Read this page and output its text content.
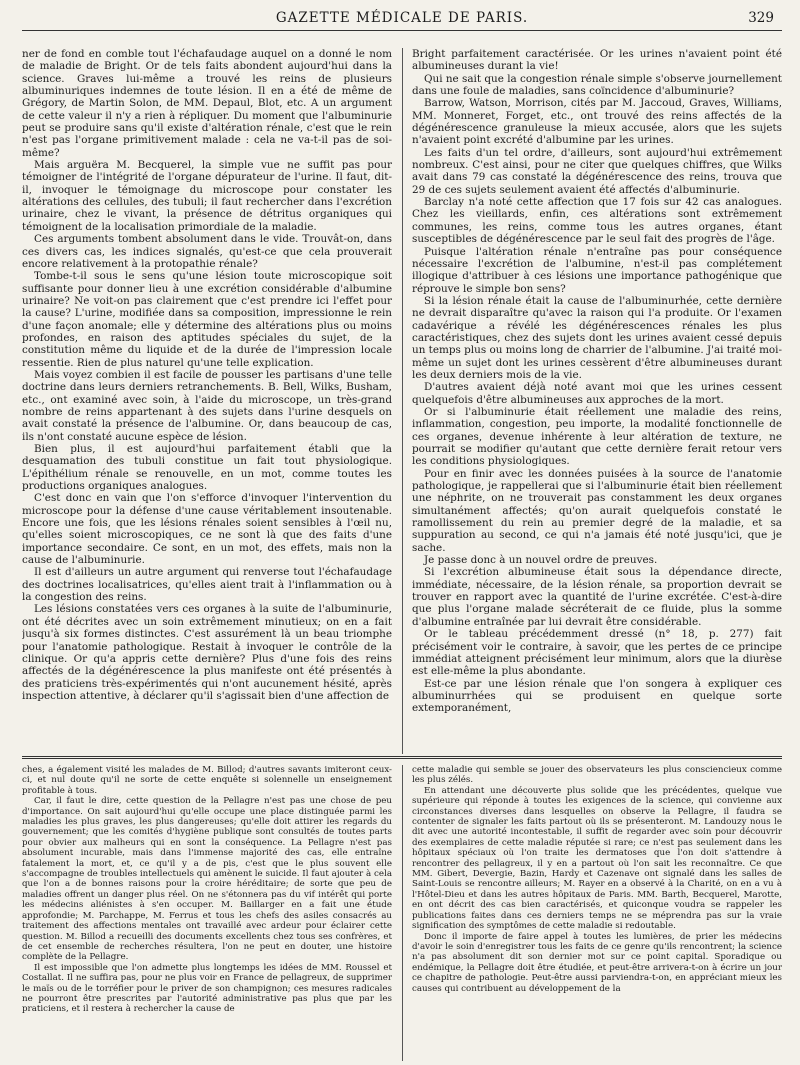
GAZETTE MÉDICALE DE PARIS.	329

ner de fond en comble tout l'échafaudage auquel on a donné le nom de maladie de Bright. Or de tels faits abondent aujourd'hui dans la science. Graves lui-même a trouvé les reins de plusieurs albuminuriques indemnes de toute lésion. Il en a été de même de Grégory, de Martin Solon, de MM. Depaul, Blot, etc. A un argument de cette valeur il n'y a rien à répliquer. Du moment que l'albuminurie peut se produire sans qu'il existe d'altération rénale, c'est que le rein n'est pas l'organe primitivement malade : cela ne va-t-il pas de soi-même?

Mais arguëra M. Becquerel, la simple vue ne suffit pas pour témoigner de l'intégrité de l'organe dépurateur de l'urine. Il faut, dit-il, invoquer le témoignage du microscope pour constater les altérations des cellules, des tubuli; il faut rechercher dans l'excrétion urinaire, chez le vivant, la présence de détritus organiques qui témoignent de la localisation primordiale de la maladie.

Ces arguments tombent absolument dans le vide. Trouvât-on, dans ces divers cas, les indices signalés, qu'est-ce que cela prouverait encore relativement à la protopathie rénale?

Tombe-t-il sous le sens qu'une lésion toute microscopique soit suffisante pour donner lieu à une excrétion considérable d'albumine urinaire? Ne voit-on pas clairement que c'est prendre ici l'effet pour la cause? L'urine, modifiée dans sa composition, impressionne le rein d'une façon anomale; elle y détermine des altérations plus ou moins profondes, en raison des aptitudes spéciales du sujet, de la constitution même du liquide et de la durée de l'impression locale ressentie. Rien de plus naturel qu'une telle explication.

Mais voyez combien il est facile de pousser les partisans d'une telle doctrine dans leurs derniers retranchements. B. Bell, Wilks, Busham, etc., ont examiné avec soin, à l'aide du microscope, un très-grand nombre de reins appartenant à des sujets dans l'urine desquels on avait constaté la présence de l'albumine. Or, dans beaucoup de cas, ils n'ont constaté aucune espèce de lésion.

Bien plus, il est aujourd'hui parfaitement établi que la desquamation des tubuli constitue un fait tout physiologique. L'épithélium rénale se renouvelle, en un mot, comme toutes les productions organiques analogues.

C'est donc en vain que l'on s'efforce d'invoquer l'intervention du microscope pour la défense d'une cause véritablement insoutenable. Encore une fois, que les lésions rénales soient sensibles à l'œil nu, qu'elles soient microscopiques, ce ne sont là que des faits d'une importance secondaire. Ce sont, en un mot, des effets, mais non la cause de l'albuminurie.

Il est d'ailleurs un autre argument qui renverse tout l'échafaudage des doctrines localisatrices, qu'elles aient trait à l'inflammation ou à la congestion des reins.

Les lésions constatées vers ces organes à la suite de l'albuminurie, ont été décrites avec un soin extrêmement minutieux; on en a fait jusqu'à six formes distinctes. C'est assurément là un beau triomphe pour l'anatomie pathologique. Restait à invoquer le contrôle de la clinique. Or qu'a appris cette dernière? Plus d'une fois des reins affectés de la dégénérescence la plus manifeste ont été présentés à des praticiens très-expérimentés qui n'ont aucunement hésité, après inspection attentive, à déclarer qu'il s'agissait bien d'une affection de

Bright parfaitement caractérisée. Or les urines n'avaient point été albumineuses durant la vie!

Qui ne sait que la congestion rénale simple s'observe journellement dans une foule de maladies, sans coïncidence d'albuminurie?

Barrow, Watson, Morrison, cités par M. Jaccoud, Graves, Williams, MM. Monneret, Forget, etc., ont trouvé des reins affectés de la dégénérescence granuleuse la mieux accusée, alors que les sujets n'avaient point excrété d'albumine par les urines.

Les faits d'un tel ordre, d'ailleurs, sont aujourd'hui extrêmement nombreux. C'est ainsi, pour ne citer que quelques chiffres, que Wilks avait dans 79 cas constaté la dégénérescence des reins, trouva que 29 de ces sujets seulement avaient été affectés d'albuminurie.

Barclay n'a noté cette affection que 17 fois sur 42 cas analogues. Chez les vieillards, enfin, ces altérations sont extrêmement communes, les reins, comme tous les autres organes, étant susceptibles de dégénérescence par le seul fait des progrès de l'âge.

Puisque l'altération rénale n'entraîne pas pour conséquence nécessaire l'excrétion de l'albumine, n'est-il pas complétement illogique d'attribuer à ces lésions une importance pathogénique que réprouve le simple bon sens?

Si la lésion rénale était la cause de l'albuminurhée, cette dernière ne devrait disparaître qu'avec la raison qui l'a produite. Or l'examen cadavérique a révélé les dégénérescences rénales les plus caractéristiques, chez des sujets dont les urines avaient cessé depuis un temps plus ou moins long de charrier de l'albumine. J'ai traité moi-même un sujet dont les urines cessèrent d'être albumineuses durant les deux derniers mois de la vie.

D'autres avaient déjà noté avant moi que les urines cessent quelquefois d'être albumineuses aux approches de la mort.

Or si l'albuminurie était réellement une maladie des reins, inflammation, congestion, peu importe, la modalité fonctionnelle de ces organes, devenue inhérente à leur altération de texture, ne pourrait se modifier qu'autant que cette dernière ferait retour vers les conditions physiologiques.

Pour en finir avec les données puisées à la source de l'anatomie pathologique, je rappellerai que si l'albuminurie était bien réellement une néphrite, on ne trouverait pas constamment les deux organes simultanément affectés; qu'on aurait quelquefois constaté le ramollissement du rein au premier degré de la maladie, et sa suppuration au second, ce qui n'a jamais été noté jusqu'ici, que je sache.

Je passe donc à un nouvel ordre de preuves.

Si l'excrétion albumineuse était sous la dépendance directe, immédiate, nécessaire, de la lésion rénale, sa proportion devrait se trouver en rapport avec la quantité de l'urine excrétée. C'est-à-dire que plus l'organe malade sécréterait de ce fluide, plus la somme d'albumine entraînée par lui devrait être considérable.

Or le tableau précédemment dressé (n° 18, p. 277) fait précisément voir le contraire, à savoir, que les pertes de ce principe immédiat atteignent précisément leur minimum, alors que la diurèse est elle-même la plus abondante.

Est-ce par une lésion rénale que l'on songera à expliquer ces albuminurrhées qui se produisent en quelque sorte extemporanément,

ches, a également visité les malades de M. Billod; d'autres savants imiteront ceux-ci, et nul doute qu'il ne sorte de cette enquête si solennelle un enseignement profitable à tous.

Car, il faut le dire, cette question de la Pellagre n'est pas une chose de peu d'importance. On sait aujourd'hui qu'elle occupe une place distinguée parmi les maladies les plus graves, les plus dangereuses; qu'elle doit attirer les regards du gouvernement; que les comités d'hygiène publique sont consultés de toutes parts pour obvier aux malheurs qui en sont la conséquence. La Pellagre n'est pas absolument incurable, mais dans l'immense majorité des cas, elle entraîne fatalement la mort, et, ce qu'il y a de pis, c'est que le plus souvent elle s'accompagne de troubles intellectuels qui amènent le suicide. Il faut ajouter à cela que l'on a de bonnes raisons pour la croire héréditaire; de sorte que peu de maladies offrent un danger plus réel. On ne s'étonnera pas du vif intérêt qui porte les médecins aliénistes à s'en occuper. M. Baillarger en a fait une étude approfondie; M. Parchappe, M. Ferrus et tous les chefs des asiles consacrés au traitement des affections mentales ont travaillé avec ardeur pour éclairer cette question. M. Billod a recueilli des documents excellents chez tous ses confrères, et de cet ensemble de recherches résultera, l'on ne peut en douter, une histoire complète de la Pellagre.

Il est impossible que l'on admette plus longtemps les idées de MM. Roussel et Costallat. Il ne suffira pas, pour ne plus voir en France de pellagreux, de supprimer le maïs ou de le torréfier pour le priver de son champignon; ces mesures radicales ne pourront être prescrites par l'autorité administrative pas plus que par les praticiens, et il restera à rechercher la cause de

cette maladie qui semble se jouer des observateurs les plus consciencieux comme les plus zélés.

En attendant une découverte plus solide que les précédentes, quelque vue supérieure qui réponde à toutes les exigences de la science, qui convienne aux circonstances diverses dans lesquelles on observe la Pellagre, il faudra se contenter de signaler les faits partout où ils se présenteront. M. Landouzy nous le dit avec une autorité incontestable, il suffit de regarder avec soin pour découvrir des exemplaires de cette maladie réputée si rare; ce n'est pas seulement dans les hôpitaux spéciaux où l'on traite les dermatoses que l'on doit s'attendre à rencontrer des pellagreux, il y en a partout où l'on sait les reconnaître. Ce que MM. Gibert, Devergie, Bazin, Hardy et Cazenave ont signalé dans les salles de Saint-Louis se rencontre ailleurs; M. Rayer en a observé à la Charité, on en a vu à l'Hôtel-Dieu et dans les autres hôpitaux de Paris. MM. Barth, Becquerel, Marotte, en ont décrit des cas bien caractérisés, et quiconque voudra se rappeler les publications faites dans ces derniers temps ne se méprendra pas sur la vraie signification des symptômes de cette maladie si redoutable.

Donc il importe de faire appel à toutes les lumières, de prier les médecins d'avoir le soin d'enregistrer tous les faits de ce genre qu'ils rencontrent; la science n'a pas absolument dit son dernier mot sur ce point capital. Sporadique ou endémique, la Pellagre doit être étudiée, et peut-être arrivera-t-on à écrire un jour ce chapitre de pathologie. Peut-être aussi parviendra-t-on, en appréciant mieux les causes qui contribuent au développement de la
